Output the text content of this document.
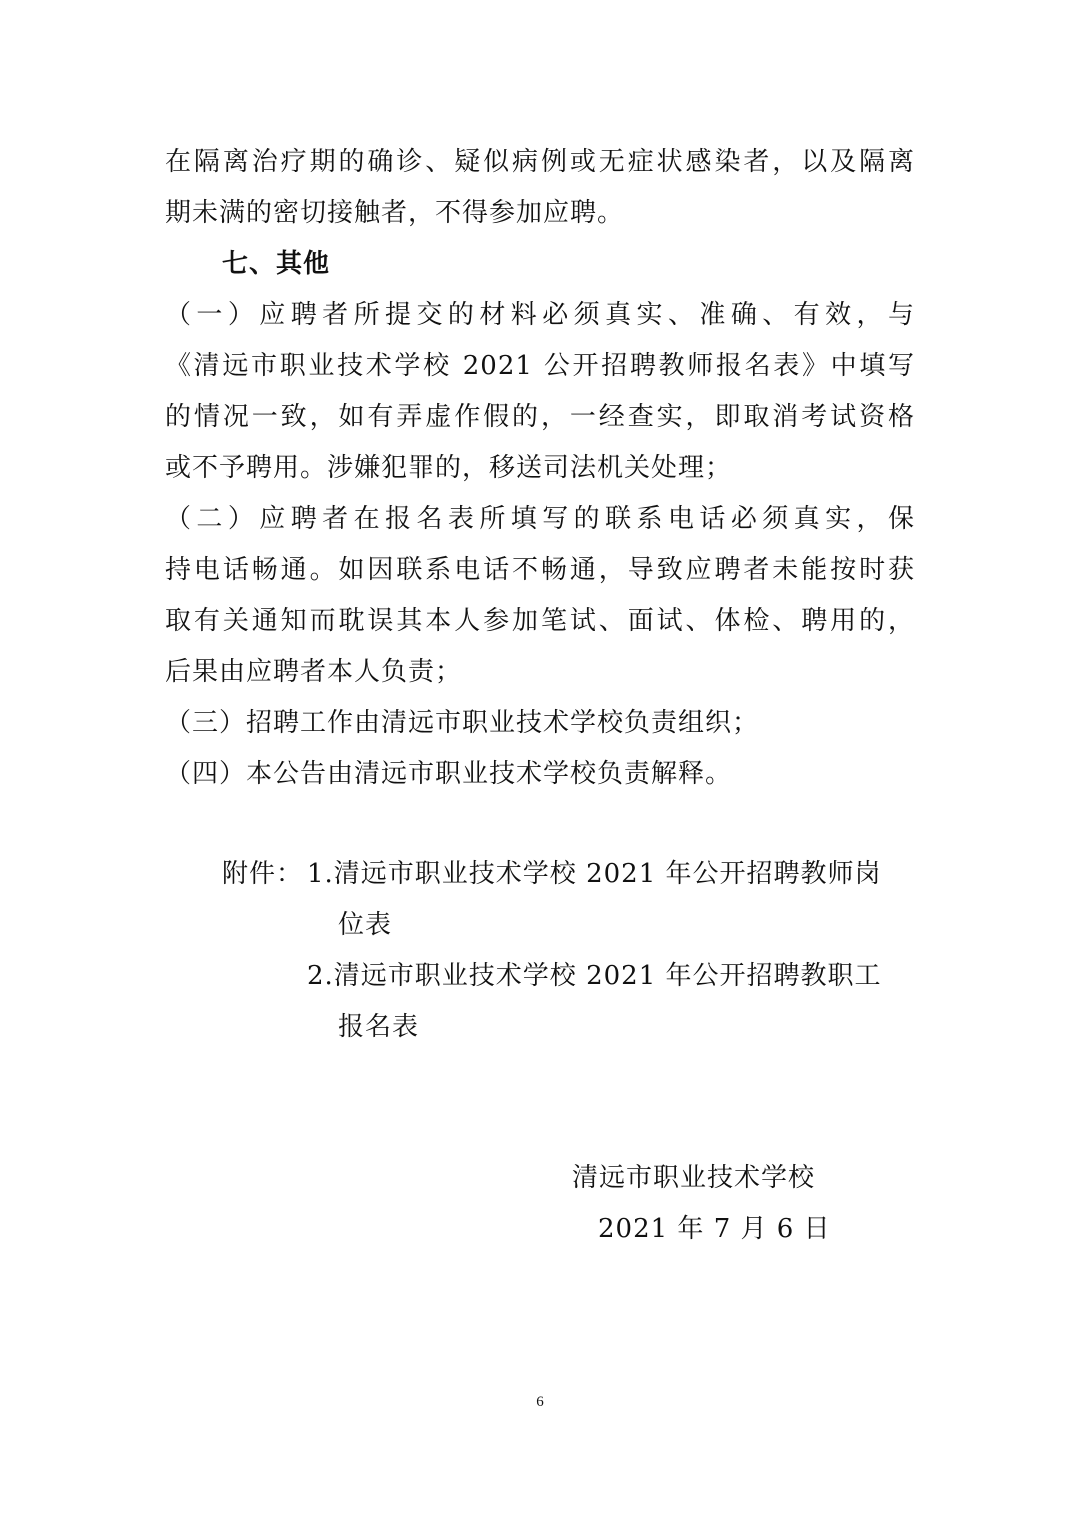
在隔离治疗期的确诊、疑似病例或无症状感染者，以及隔离
期未满的密切接触者，不得参加应聘。
七、其他
（一）应聘者所提交的材料必须真实、准确、有效，与
《清远市职业技术学校 2021 公开招聘教师报名表》中填写
的情况一致，如有弄虚作假的，一经查实，即取消考试资格
或不予聘用。涉嫌犯罪的，移送司法机关处理；
（二）应聘者在报名表所填写的联系电话必须真实，保
持电话畅通。如因联系电话不畅通，导致应聘者未能按时获
取有关通知而耽误其本人参加笔试、面试、体检、聘用的，
后果由应聘者本人负责；
（三）招聘工作由清远市职业技术学校负责组织；
（四）本公告由清远市职业技术学校负责解释。
附件： 1.清远市职业技术学校 2021 年公开招聘教师岗
位表
2.清远市职业技术学校 2021 年公开招聘教职工
报名表
清远市职业技术学校
2021 年 7 月 6 日
6
